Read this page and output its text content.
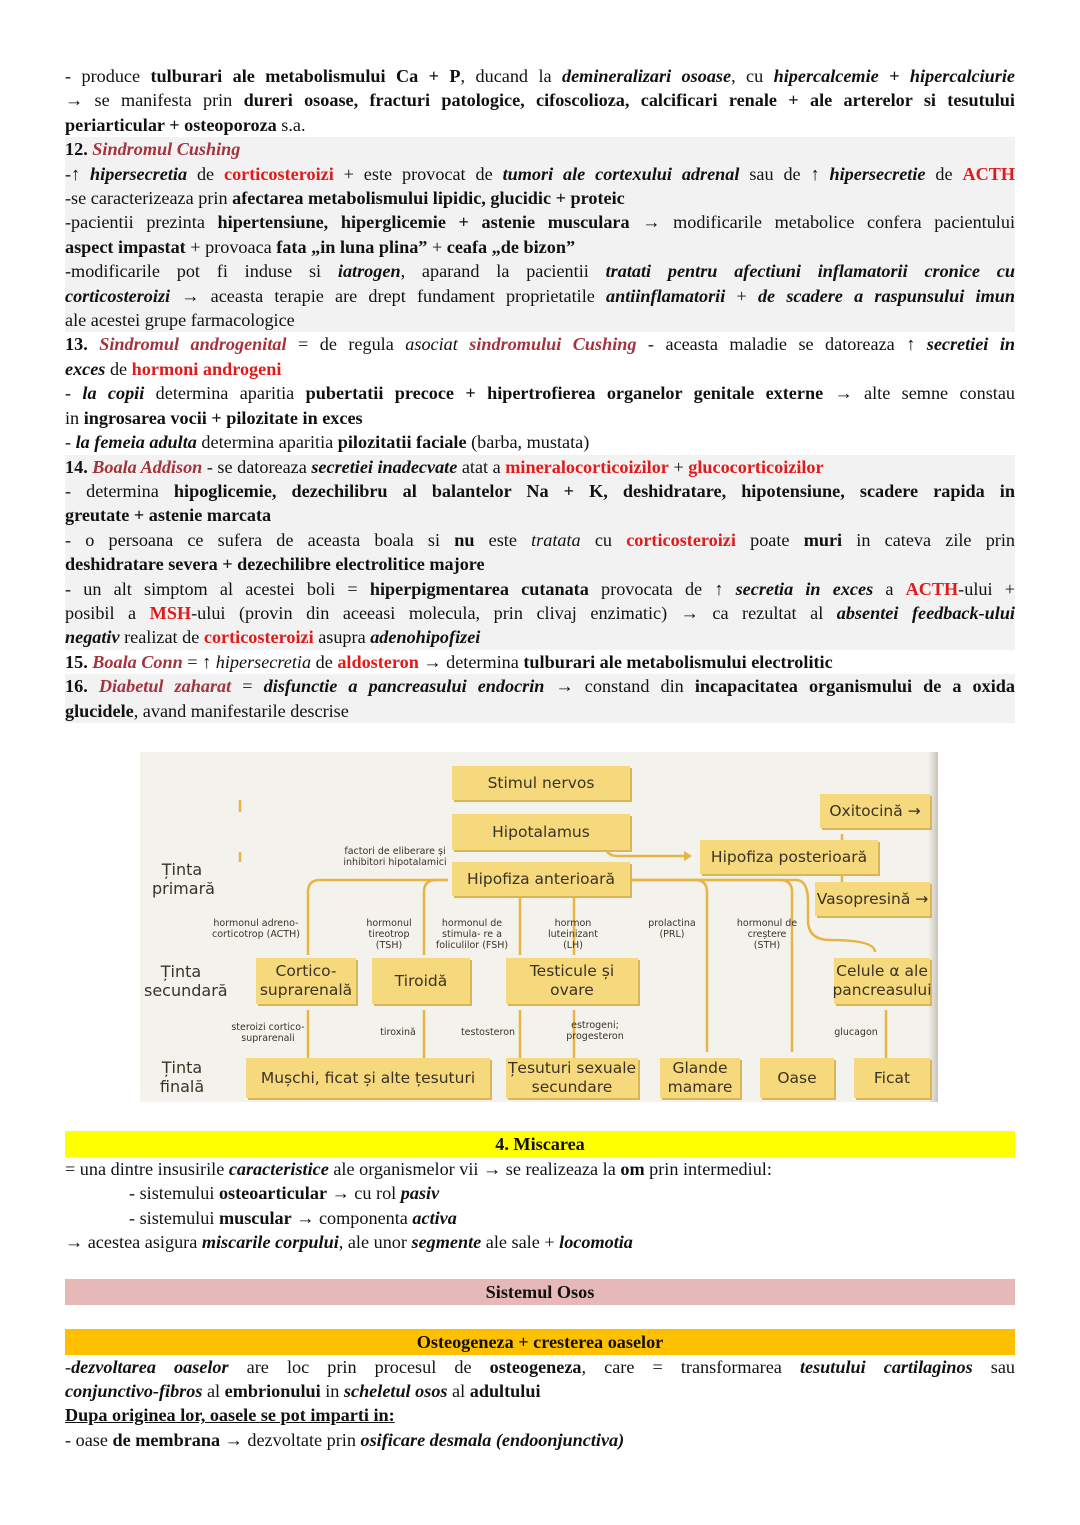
- produce tulburari ale metabolismului Ca + P, ducand la demineralizari osoase, cu hipercalcemie + hipercalciurie
→ se manifesta prin dureri osoase, fracturi patologice, cifoscolioza, calcificari renale + ale arterelor si tesutului
periarticular + osteoporoza s.a.
12. Sindromul Cushing
-↑ hipersecretia de corticosteroizi + este provocat de tumori ale cortexului adrenal sau de ↑ hipersecretie de ACTH
-se caracterizeaza prin afectarea metabolismului lipidic, glucidic + proteic
-pacientii prezinta hipertensiune, hiperglicemie + astenie musculara → modificarile metabolice confera pacientului
aspect impastat + provoaca fata „in luna plina” + ceafa „de bizon”
-modificarile pot fi induse si iatrogen, aparand la pacientii tratati pentru afectiuni inflamatorii cronice cu
corticosteroizi → aceasta terapie are drept fundament proprietatile antiinflamatorii + de scadere a raspunsului imun
ale acestei grupe farmacologice
13. Sindromul androgenital = de regula asociat sindromului Cushing - aceasta maladie se datoreaza ↑ secretiei in
exces de hormoni androgeni
- la copii determina aparitia pubertatii precoce + hipertrofierea organelor genitale externe → alte semne constau
in ingrosarea vocii + pilozitate in exces
- la femeia adulta determina aparitia pilozitatii faciale (barba, mustata)
14. Boala Addison - se datoreaza secretiei inadecvate atat a mineralocorticoizilor + glucocorticoizilor
- determina hipoglicemie, dezechilibru al balantelor Na + K, deshidratare, hipotensiune, scadere rapida in
greutate + astenie marcata
- o persoana ce sufera de aceasta boala si nu este tratata cu corticosteroizi poate muri in cateva zile prin
deshidratare severa + dezechilibre electrolitice majore
- un alt simptom al acestei boli = hiperpigmentarea cutanata provocata de ↑ secretia in exces a ACTH-ului +
posibil a MSH-ului (provin din aceeasi molecula, prin clivaj enzimatic) → ca rezultat al absentei feedback-ului
negativ realizat de corticosteroizi asupra adenohipofizei
15. Boala Conn = ↑ hipersecretia de aldosteron → determina tulburari ale metabolismului electrolitic
16. Diabetul zaharat = disfunctie a pancreasului endocrin → constand din incapacitatea organismului de a oxida
glucidele, avand manifestarile descrise
Ținta primară
Ținta secundară
Ținta finală
Stimul nervos
Hipotalamus
Hipofiza anterioară
Oxitocină →
Hipofiza posterioară
Vasopresină →
factori de eliberare și inhibitori hipotalamici
hormonul adreno- corticotrop (ACTH)
hormonul tireotrop (TSH)
hormonul de stimula- re a foliculilor (FSH)
hormon luteinizant (LH)
prolactina (PRL)
hormonul de creștere (STH)
Cortico- suprarenală
Tiroidă
Testicule și ovare
Celule α ale pancreasului
steroizi cortico- suprarenali
tiroxină	testosteron
estrogeni; progesteron	glucagon
Mușchi, ficat și alte țesuturi
Țesuturi sexuale secundare
Glande mamare
Oase	Ficat
4. Miscarea
= una dintre insusirile caracteristice ale organismelor vii → se realizeaza la om prin intermediul:
- sistemului osteoarticular → cu rol pasiv
- sistemului muscular → componenta activa
→ acestea asigura miscarile corpului, ale unor segmente ale sale + locomotia
Sistemul Osos
Osteogeneza + cresterea oaselor
-dezvoltarea oaselor are loc prin procesul de osteogeneza, care = transformarea tesutului cartilaginos sau
conjunctivo-fibros al embrionului in scheletul osos al adultului
Dupa originea lor, oasele se pot imparti in:
- oase de membrana → dezvoltate prin osificare desmala (endoonjunctiva)
